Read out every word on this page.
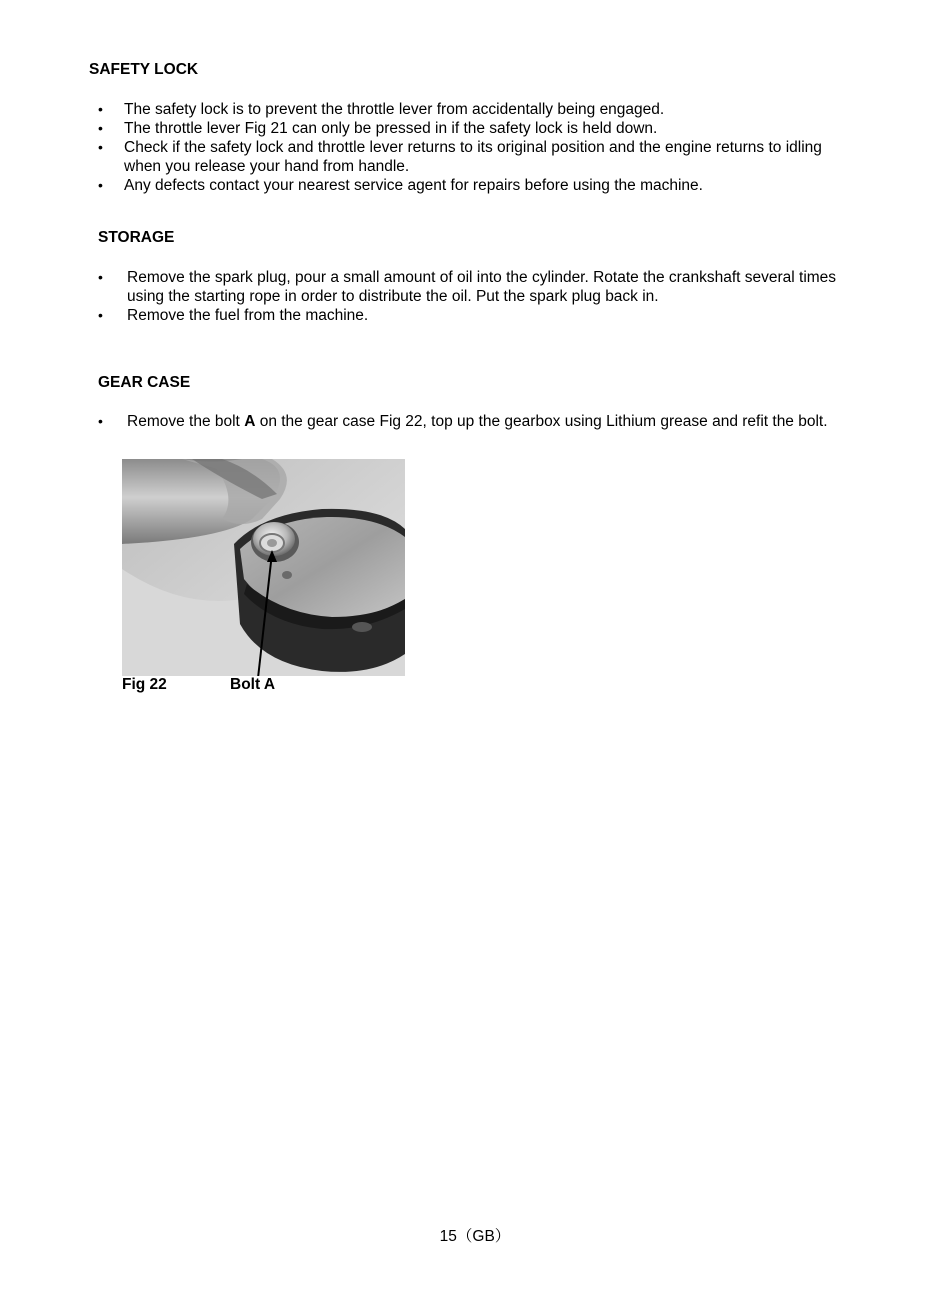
SAFETY LOCK
• The safety lock is to prevent the throttle lever from accidentally being engaged.
• The throttle lever Fig 21 can only be pressed in if the safety lock is held down.
• Check if the safety lock and throttle lever returns to its original position and the engine returns to idling when you release your hand from handle.
• Any defects contact your nearest service agent for repairs before using the machine.
STORAGE
• Remove the spark plug, pour a small amount of oil into the cylinder. Rotate the crankshaft several times using the starting rope in order to distribute the oil. Put the spark plug back in.
• Remove the fuel from the machine.
GEAR CASE
• Remove the bolt A on the gear case Fig 22, top up the gearbox using Lithium grease and refit the bolt.
Fig 22	Bolt A
15（GB）
